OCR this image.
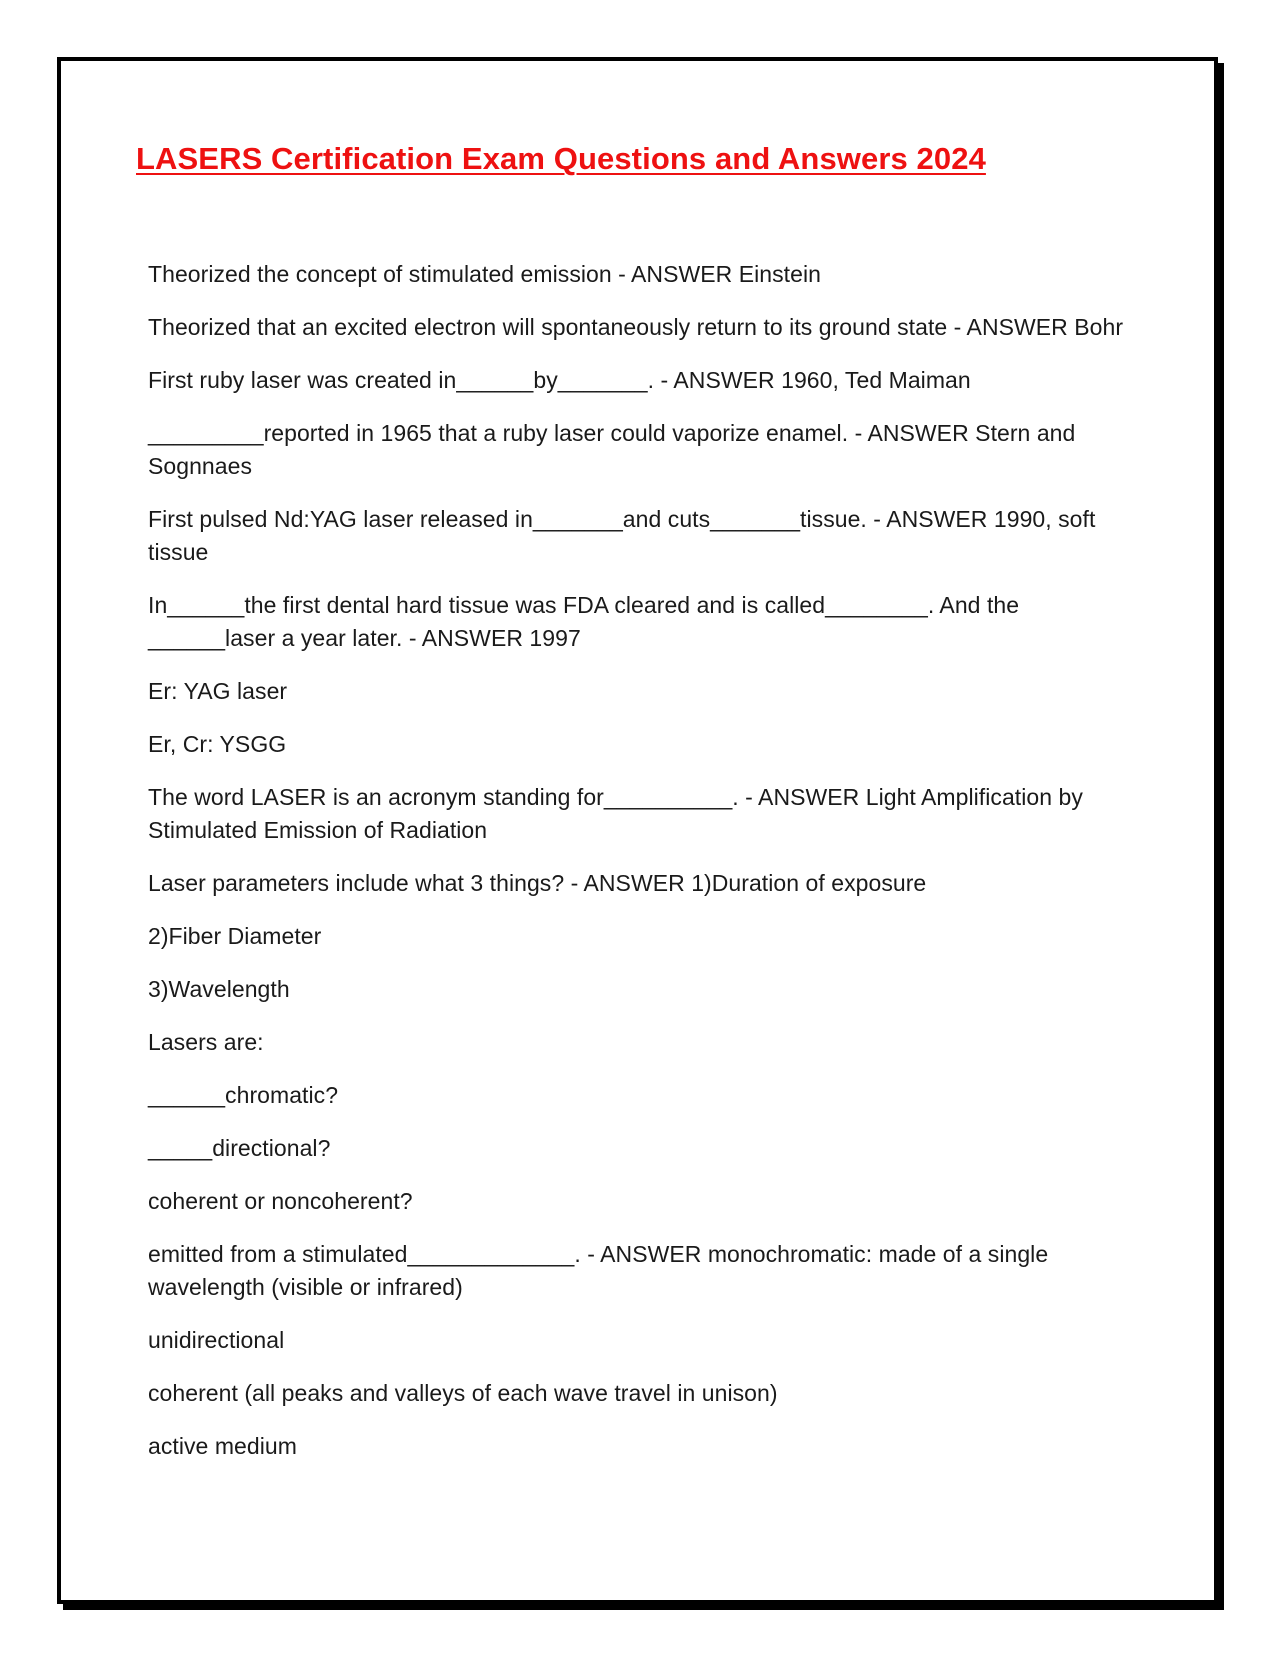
LASERS Certification Exam Questions and Answers 2024
Theorized the concept of stimulated emission - ANSWER Einstein
Theorized that an excited electron will spontaneously return to its ground state - ANSWER Bohr
First ruby laser was created in______by_______. - ANSWER 1960, Ted Maiman
_________reported in 1965 that a ruby laser could vaporize enamel. - ANSWER Stern and Sognnaes
First pulsed Nd:YAG laser released in_______and cuts_______tissue. - ANSWER 1990, soft tissue
In______the first dental hard tissue was FDA cleared and is called________. And the ______laser a year later. - ANSWER 1997
Er: YAG laser
Er, Cr: YSGG
The word LASER is an acronym standing for__________. - ANSWER Light Amplification by Stimulated Emission of Radiation
Laser parameters include what 3 things? - ANSWER 1)Duration of exposure
2)Fiber Diameter
3)Wavelength
Lasers are:
______chromatic?
_____directional?
coherent or noncoherent?
emitted from a stimulated_____________. - ANSWER monochromatic: made of a single wavelength (visible or infrared)
unidirectional
coherent (all peaks and valleys of each wave travel in unison)
active medium
